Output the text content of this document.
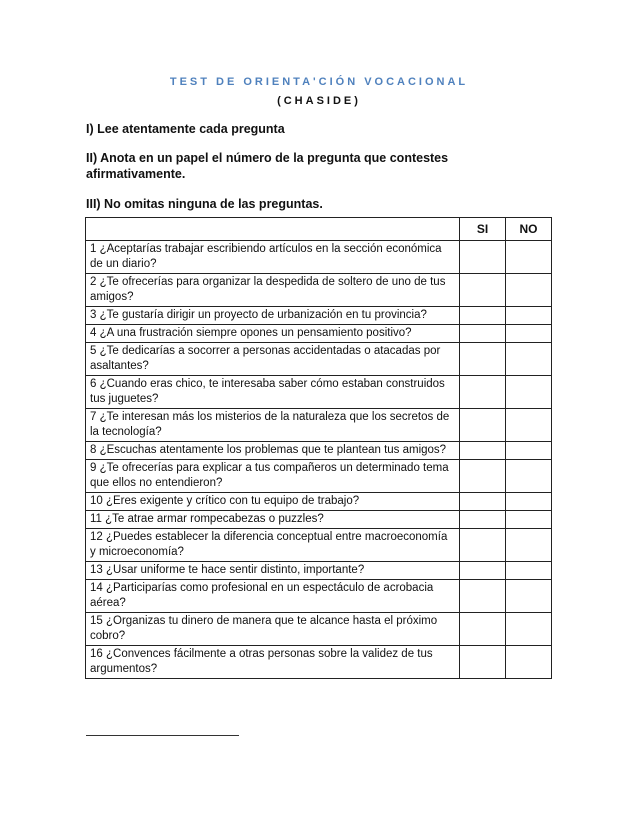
TEST DE ORIENTA'CIÓN VOCACIONAL
(CHASIDE)
I) Lee atentamente cada pregunta
II) Anota en un papel el número de la pregunta que contestes afirmativamente.
III) No omitas ninguna de las preguntas.
	SI	NO
1 ¿Aceptarías trabajar escribiendo artículos en la sección económica de un diario?		
2 ¿Te ofrecerías para organizar la despedida de soltero de uno de tus amigos?		
3 ¿Te gustaría dirigir un proyecto de urbanización en tu provincia?		
4 ¿A una frustración siempre opones un pensamiento positivo?		
5 ¿Te dedicarías a socorrer a personas accidentadas o atacadas por asaltantes?		
6 ¿Cuando eras chico, te interesaba saber cómo estaban construidos tus juguetes?		
7 ¿Te interesan más los misterios de la naturaleza que los secretos de la tecnología?		
8 ¿Escuchas atentamente los problemas que te plantean tus amigos?		
9 ¿Te ofrecerías para explicar a tus compañeros un determinado tema que ellos no entendieron?		
10 ¿Eres exigente y crítico con tu equipo de trabajo?		
11 ¿Te atrae armar rompecabezas o puzzles?		
12 ¿Puedes establecer la diferencia conceptual entre macroeconomía y microeconomía?		
13 ¿Usar uniforme te hace sentir distinto, importante?		
14 ¿Participarías como profesional en un espectáculo de acrobacia aérea?		
15 ¿Organizas tu dinero de manera que te alcance hasta el próximo cobro?		
16 ¿Convences fácilmente a otras personas sobre la validez de tus argumentos?		
